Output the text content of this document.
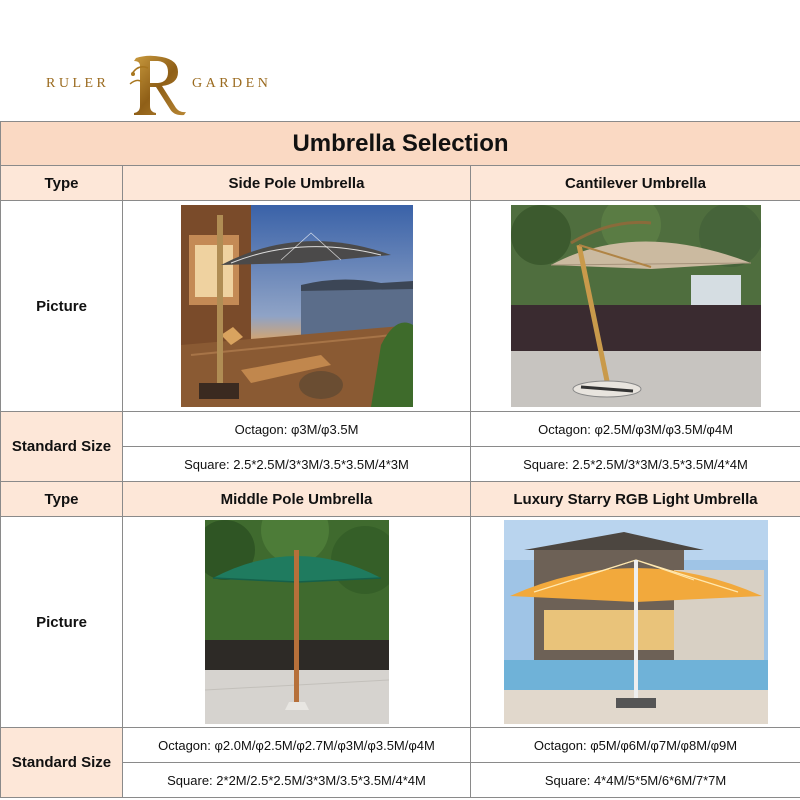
RULER	GARDEN
Umbrella Selection		
Type	Side Pole Umbrella	Cantilever Umbrella
Picture	

Standard Size	Octagon: φ3M/φ3.5M	Octagon: φ2.5M/φ3M/φ3.5M/φ4M
	Square: 2.5*2.5M/3*3M/3.5*3.5M/4*3M	Square: 2.5*2.5M/3*3M/3.5*3.5M/4*4M
Type	Middle Pole Umbrella	Luxury Starry RGB Light Umbrella
Picture	

Standard Size	Octagon: φ2.0M/φ2.5M/φ2.7M/φ3M/φ3.5M/φ4M	Octagon: φ5M/φ6M/φ7M/φ8M/φ9M
	Square: 2*2M/2.5*2.5M/3*3M/3.5*3.5M/4*4M	Square: 4*4M/5*5M/6*6M/7*7M
